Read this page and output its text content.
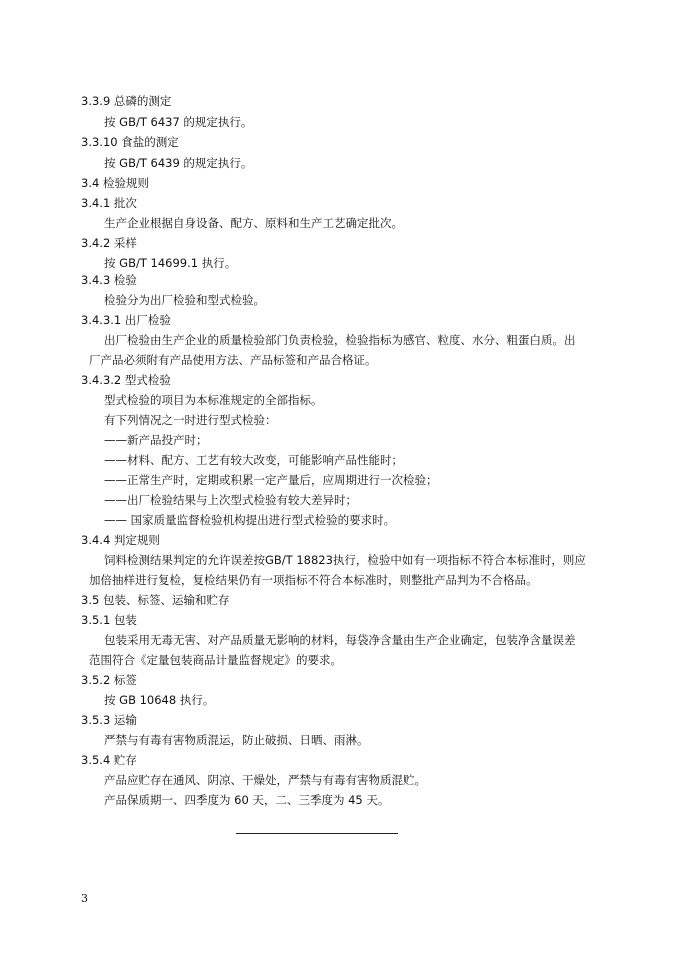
3.3.9 总磷的测定
按 GB/T 6437 的规定执行。
3.3.10 食盐的测定
按 GB/T 6439 的规定执行。
3.4 检验规则
3.4.1 批次
生产企业根据自身设备、配方、原料和生产工艺确定批次。
3.4.2 采样
按 GB/T 14699.1 执行。
3.4.3 检验
检验分为出厂检验和型式检验。
3.4.3.1 出厂检验
出厂检验由生产企业的质量检验部门负责检验，检验指标为感官、粒度、水分、粗蛋白质。出
厂产品必须附有产品使用方法、产品标签和产品合格证。
3.4.3.2 型式检验
型式检验的项目为本标准规定的全部指标。
有下列情况之一时进行型式检验：
——新产品投产时；
——材料、配方、工艺有较大改变，可能影响产品性能时；
——正常生产时，定期或积累一定产量后，应周期进行一次检验；
——出厂检验结果与上次型式检验有较大差异时；
—— 国家质量监督检验机构提出进行型式检验的要求时。
3.4.4 判定规则
饲料检测结果判定的允许误差按GB/T 18823执行，检验中如有一项指标不符合本标准时，则应
加倍抽样进行复检，复检结果仍有一项指标不符合本标准时，则整批产品判为不合格品。
3.5 包装、标签、运输和贮存
3.5.1 包装
包装采用无毒无害、对产品质量无影响的材料，每袋净含量由生产企业确定，包装净含量误差
范围符合《定量包装商品计量监督规定》的要求。
3.5.2 标签
按 GB 10648 执行。
3.5.3 运输
严禁与有毒有害物质混运，防止破损、日晒、雨淋。
3.5.4 贮存
产品应贮存在通风、阴凉、干燥处，严禁与有毒有害物质混贮。
产品保质期一、四季度为 60 天，二、三季度为 45 天。
3
